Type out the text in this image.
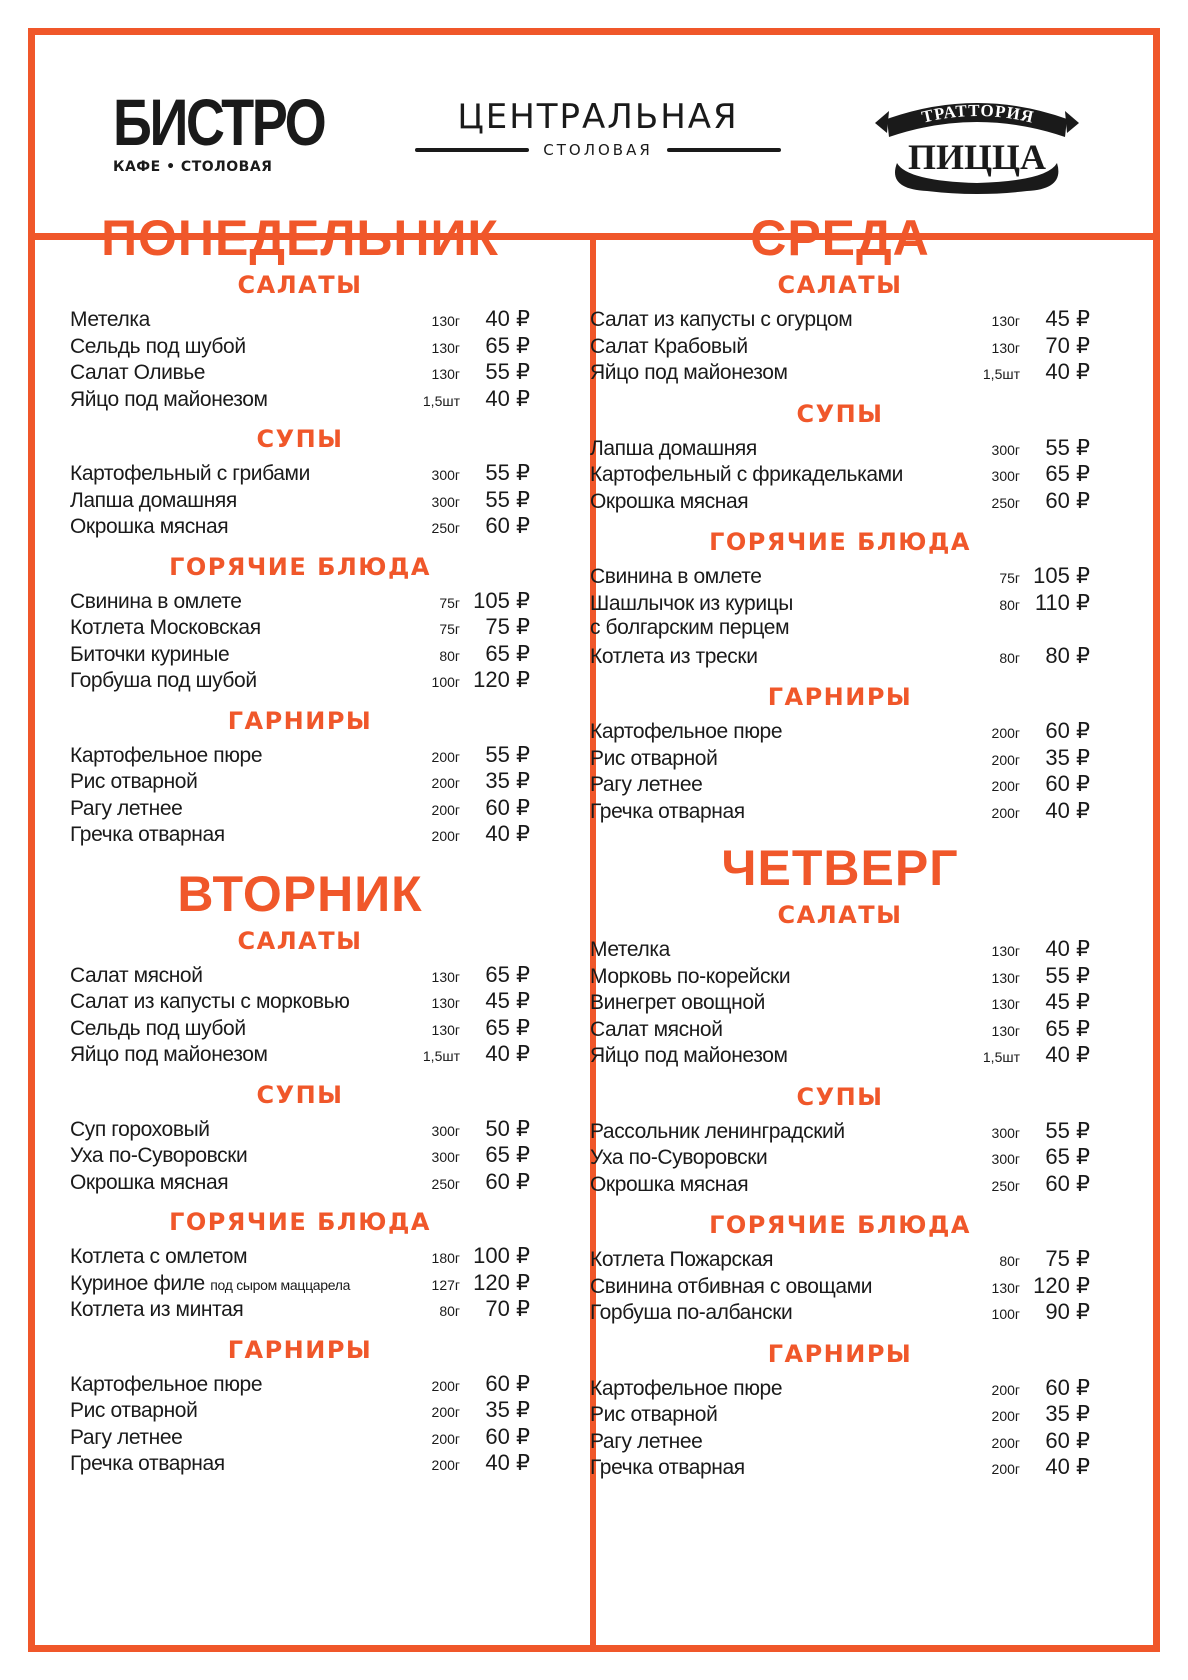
БИСТРО
КАФЕ • СТОЛОВАЯ
ЦЕНТРАЛЬНАЯ
СТОЛОВАЯ
ТРАТТОРИЯ
ПИЦЦА
ПОНЕДЕЛЬНИК
САЛАТЫ
Метелка	130г	40 ₽
Сельдь под шубой	130г	65 ₽
Салат Оливье	130г	55 ₽
Яйцо под майонезом	1,5шт	40 ₽
СУПЫ
Картофельный с грибами	300г	55 ₽
Лапша домашняя	300г	55 ₽
Окрошка мясная	250г	60 ₽
ГОРЯЧИЕ БЛЮДА
Свинина в омлете	75г 105 ₽
Котлета Московская	75г	75 ₽
Биточки куриные	80г	65 ₽
Горбуша под шубой	100г 120 ₽
ГАРНИРЫ
Картофельное пюре	200г	55 ₽
Рис отварной	200г	35 ₽
Рагу летнее	200г	60 ₽
Гречка отварная	200г	40 ₽
ВТОРНИК
САЛАТЫ
Салат мясной	130г	65 ₽
Салат из капусты с морковью	130г	45 ₽
Сельдь под шубой	130г	65 ₽
Яйцо под майонезом	1,5шт	40 ₽
СУПЫ
Суп гороховый	300г	50 ₽
Уха по-Суворовски	300г	65 ₽
Окрошка мясная	250г	60 ₽
ГОРЯЧИЕ БЛЮДА
Котлета с омлетом	180г 100 ₽
Куриное филе под сыром маццарела	127г 120 ₽
Котлета из минтая	80г	70 ₽
ГАРНИРЫ
Картофельное пюре	200г	60 ₽
Рис отварной	200г	35 ₽
Рагу летнее	200г	60 ₽
Гречка отварная	200г	40 ₽
СРЕДА
САЛАТЫ
Салат из капусты с огурцом	130г	45 ₽
Салат Крабовый	130г	70 ₽
Яйцо под майонезом	1,5шт	40 ₽
СУПЫ
Лапша домашняя	300г	55 ₽
Картофельный с фрикадельками	300г	65 ₽
Окрошка мясная	250г	60 ₽
ГОРЯЧИЕ БЛЮДА
Свинина в омлете	75г 105 ₽
Шашлычок из курицы	80г 110 ₽
с болгарским перцем
Котлета из трески	80г	80 ₽
ГАРНИРЫ
Картофельное пюре	200г	60 ₽
Рис отварной	200г	35 ₽
Рагу летнее	200г	60 ₽
Гречка отварная	200г	40 ₽
ЧЕТВЕРГ
САЛАТЫ
Метелка	130г	40 ₽
Морковь по-корейски	130г	55 ₽
Винегрет овощной	130г	45 ₽
Салат мясной	130г	65 ₽
Яйцо под майонезом	1,5шт	40 ₽
СУПЫ
Рассольник ленинградский	300г	55 ₽
Уха по-Суворовски	300г	65 ₽
Окрошка мясная	250г	60 ₽
ГОРЯЧИЕ БЛЮДА
Котлета Пожарская	80г	75 ₽
Свинина отбивная с овощами	130г 120 ₽
Горбуша по-албански	100г	90 ₽
ГАРНИРЫ
Картофельное пюре	200г	60 ₽
Рис отварной	200г	35 ₽
Рагу летнее	200г	60 ₽
Гречка отварная	200г	40 ₽
